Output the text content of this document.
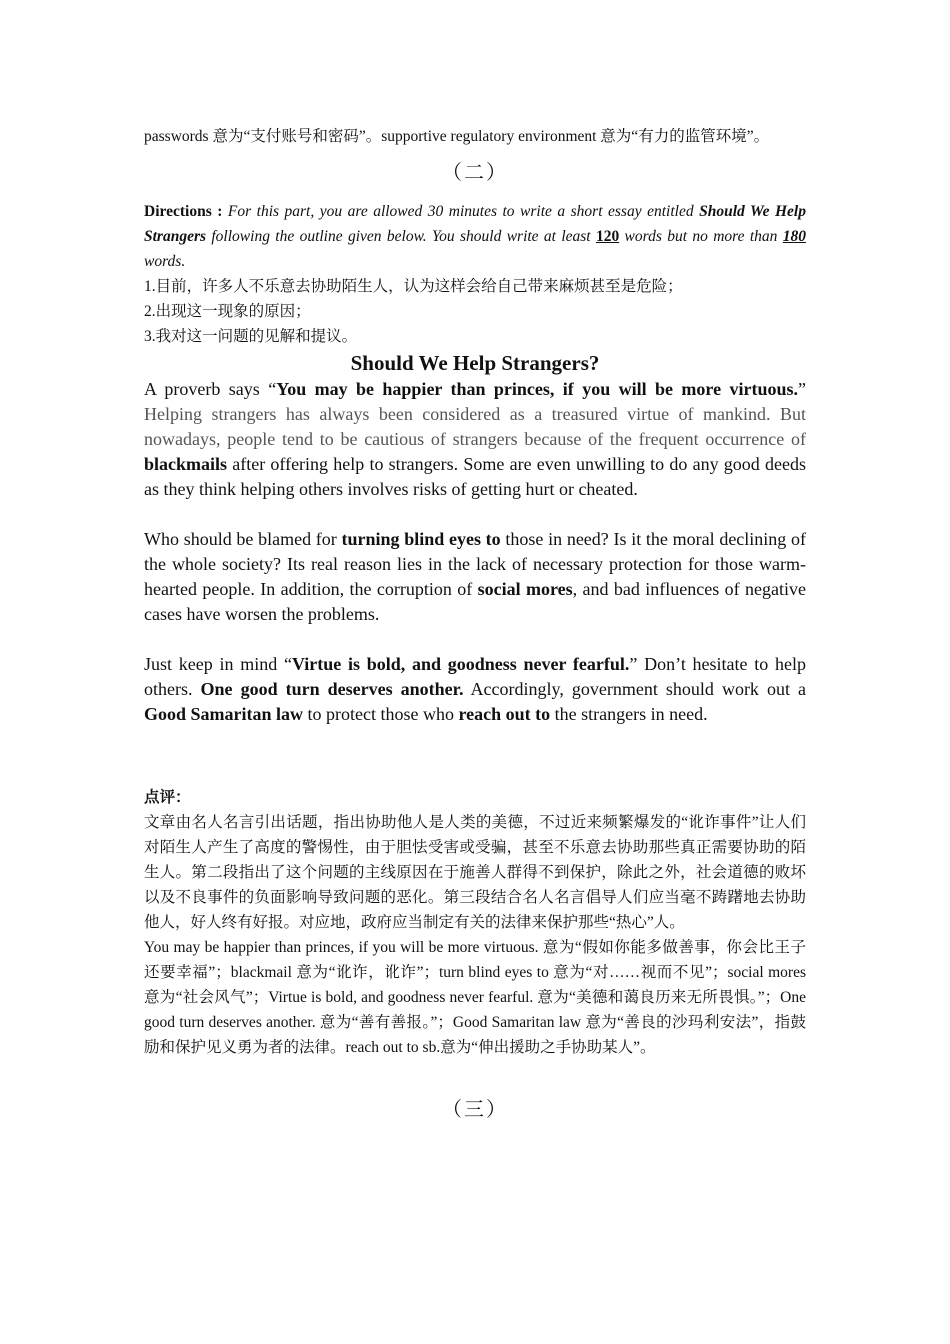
passwords 意为“支付账号和密码”。supportive regulatory environment 意为“有力的监管环境”。

（二）

Directions : For this part, you are allowed 30 minutes to write a short essay entitled Should We Help Strangers following the outline given below. You should write at least 120 words but no more than 180 words.

1.目前，许多人不乐意去协助陌生人，认为这样会给自己带来麻烦甚至是危险；

2.出现这一现象的原因；

3.我对这一问题的见解和提议。

Should We Help Strangers?

A proverb says “You may be happier than princes, if you will be more virtuous.” Helping strangers has always been considered as a treasured virtue of mankind. But nowadays, people tend to be cautious of strangers because of the frequent occurrence of blackmails after offering help to strangers. Some are even unwilling to do any good deeds as they think helping others involves risks of getting hurt or cheated.

Who should be blamed for turning blind eyes to those in need? Is it the moral declining of the whole society? Its real reason lies in the lack of necessary protection for those warm-hearted people. In addition, the corruption of social mores, and bad influences of negative cases have worsen the problems.

Just keep in mind “Virtue is bold, and goodness never fearful.” Don’t hesitate to help others. One good turn deserves another. Accordingly, government should work out a Good Samaritan law to protect those who reach out to the strangers in need.

点评：

文章由名人名言引出话题，指出协助他人是人类的美德，不过近来频繁爆发的“讹诈事件”让人们对陌生人产生了高度的警惕性，由于胆怯受害或受骗，甚至不乐意去协助那些真正需要协助的陌生人。第二段指出了这个问题的主线原因在于施善人群得不到保护，除此之外，社会道德的败坏以及不良事件的负面影响导致问题的恶化。第三段结合名人名言倡导人们应当毫不踌躇地去协助他人，好人终有好报。对应地，政府应当制定有关的法律来保护那些“热心”人。

You may be happier than princes, if you will be more virtuous. 意为“假如你能多做善事，你会比王子还要幸福”；blackmail 意为“讹诈，讹诈”；turn blind eyes to 意为“对……视而不见”；social mores 意为“社会风气”；Virtue is bold, and goodness never fearful. 意为“美德和蔼良历来无所畏惧。”；One good turn deserves another. 意为“善有善报。”；Good Samaritan law 意为“善良的沙玛利安法”，指鼓励和保护见义勇为者的法律。reach out to sb.意为“伸出援助之手协助某人”。

（三）
